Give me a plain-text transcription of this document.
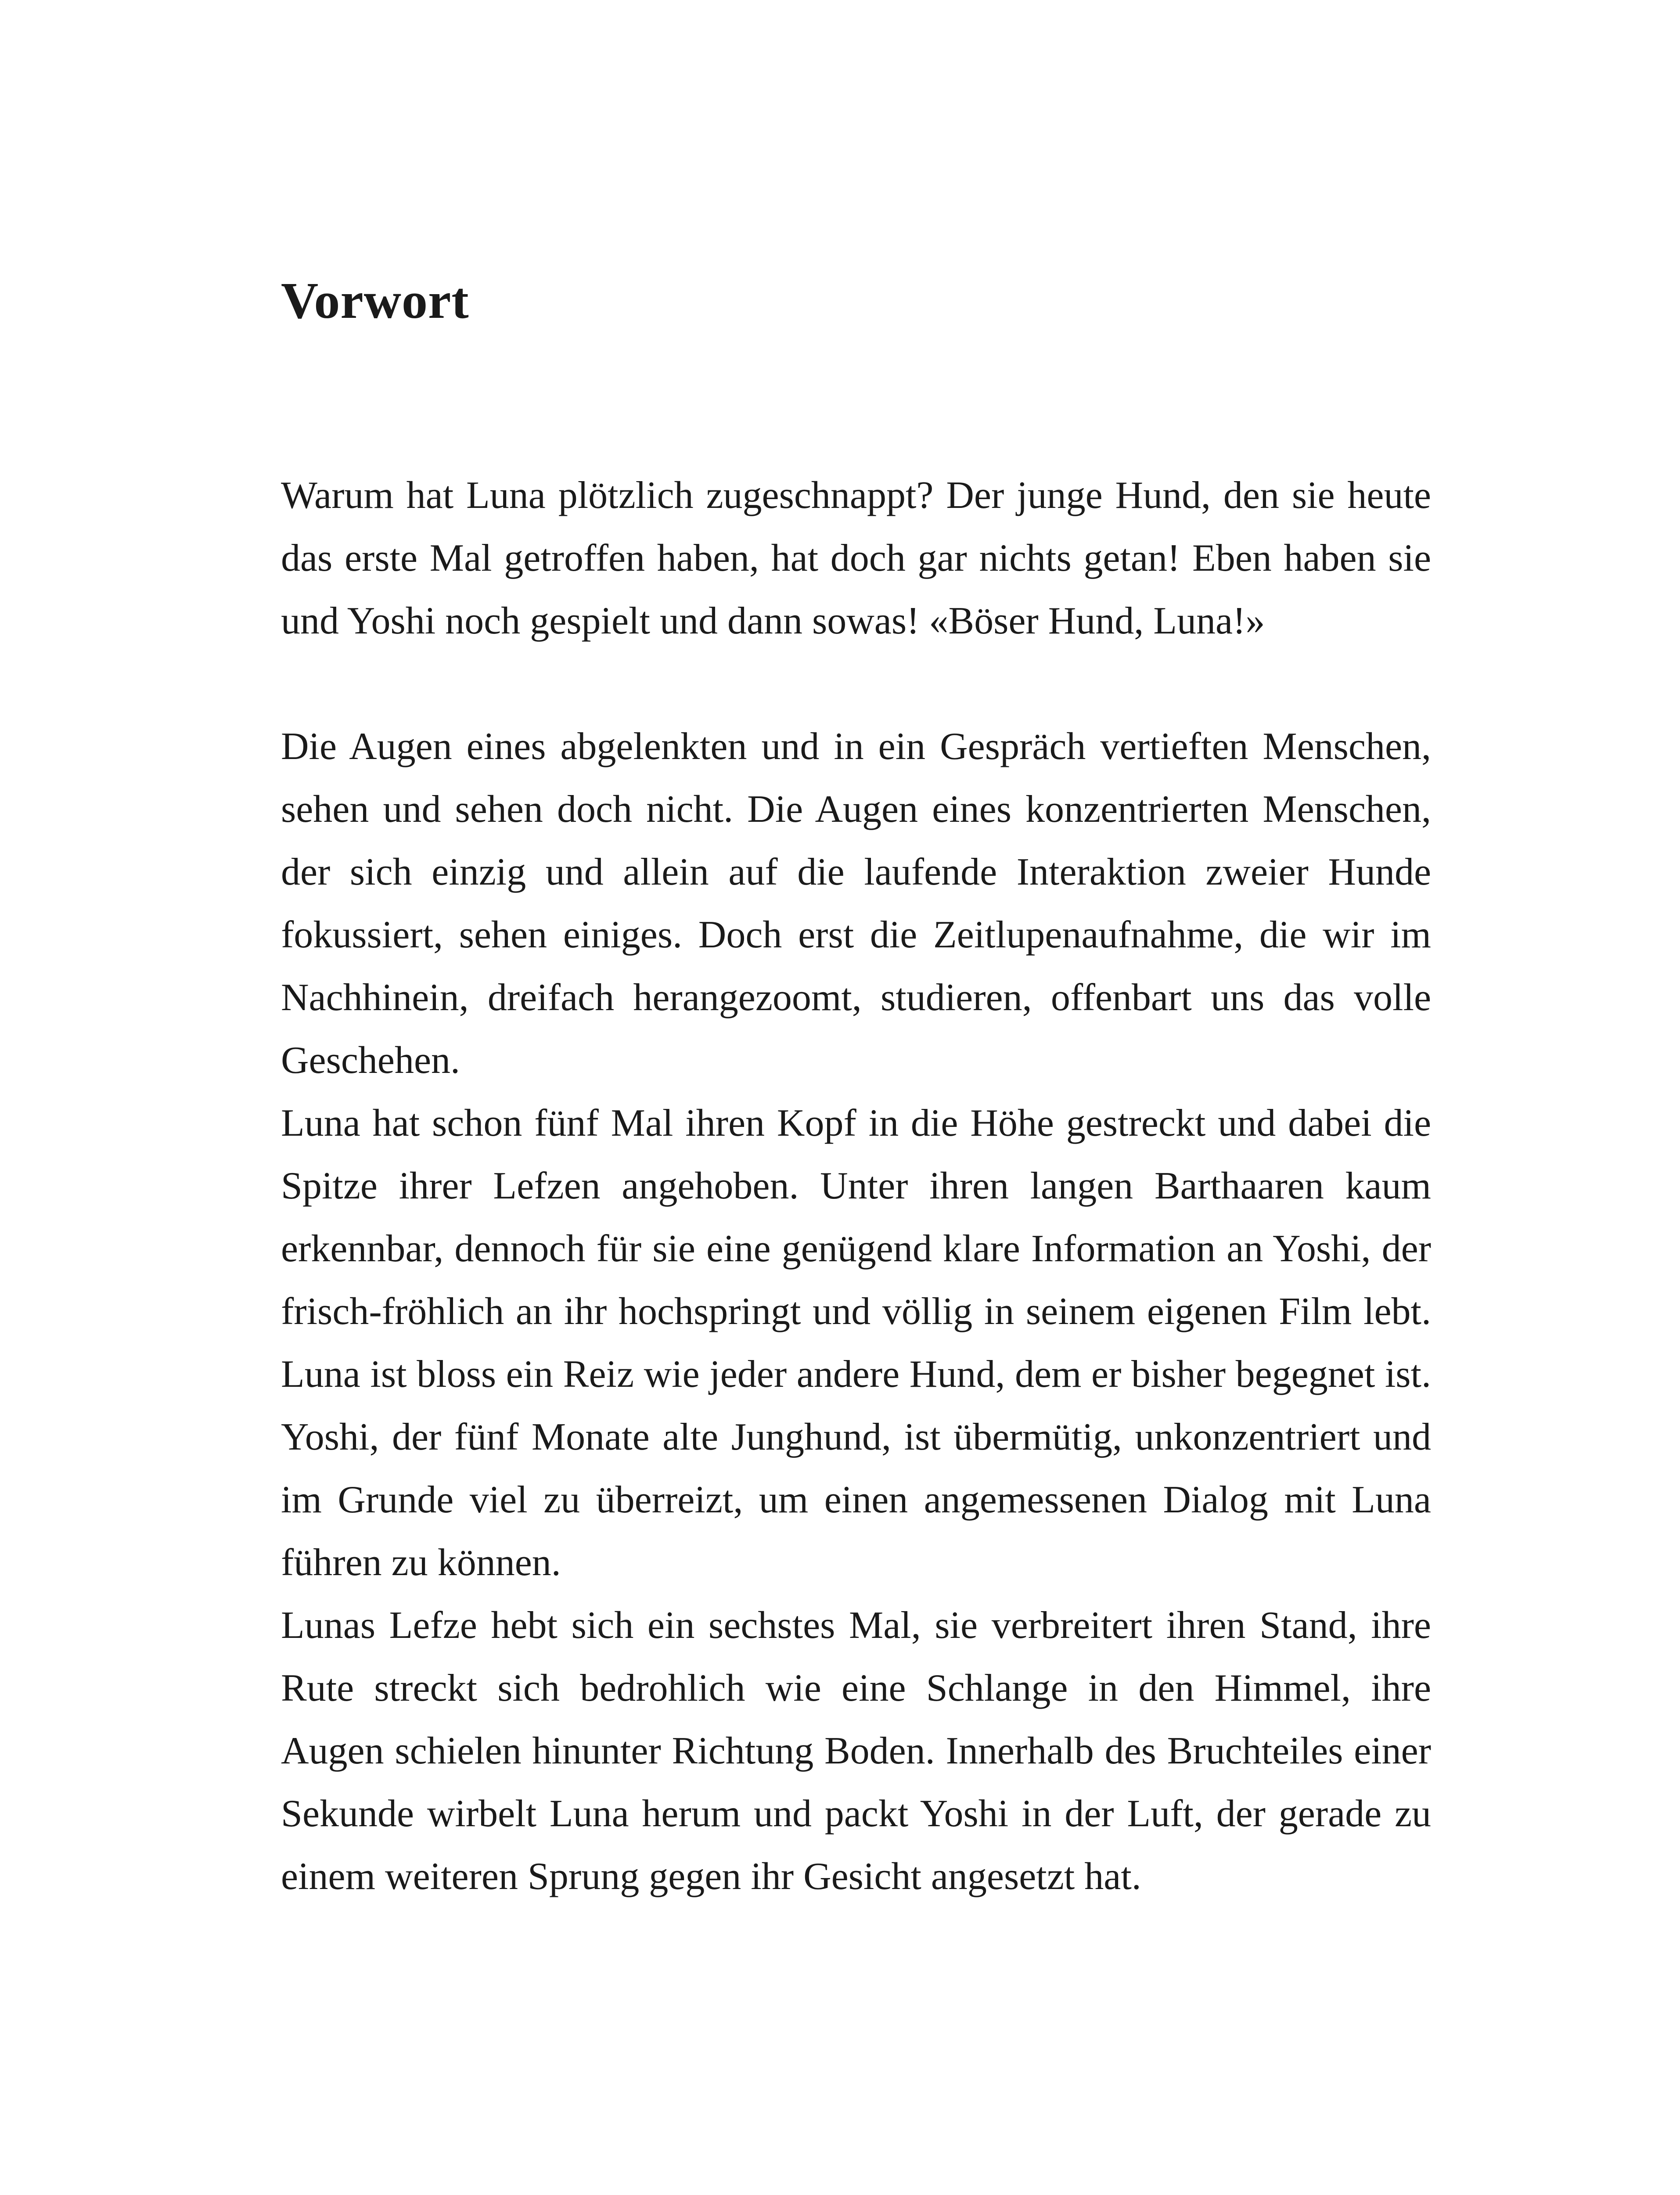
Vorwort

Warum hat Luna plötzlich zugeschnappt? Der junge Hund, den sie heute das erste Mal getroffen haben, hat doch gar nichts getan! Eben haben sie und Yoshi noch gespielt und dann sowas! «Böser Hund, Luna!»

Die Augen eines abgelenkten und in ein Gespräch vertieften Menschen, sehen und sehen doch nicht. Die Augen eines konzentrierten Menschen, der sich einzig und allein auf die laufende Interaktion zweier Hunde fokussiert, sehen einiges. Doch erst die Zeitlupenaufnahme, die wir im Nachhinein, dreifach herangezoomt, studieren, offenbart uns das volle Geschehen.

Luna hat schon fünf Mal ihren Kopf in die Höhe gestreckt und dabei die Spitze ihrer Lefzen angehoben. Unter ihren langen Barthaaren kaum erkennbar, dennoch für sie eine genügend klare Information an Yoshi, der frisch-fröhlich an ihr hochspringt und völlig in seinem eigenen Film lebt. Luna ist bloss ein Reiz wie jeder andere Hund, dem er bisher begegnet ist. Yoshi, der fünf Monate alte Junghund, ist übermütig, unkonzentriert und im Grunde viel zu überreizt, um einen angemessenen Dialog mit Luna führen zu können.

Lunas Lefze hebt sich ein sechstes Mal, sie verbreitert ihren Stand, ihre Rute streckt sich bedrohlich wie eine Schlange in den Himmel, ihre Augen schielen hinunter Richtung Boden. Innerhalb des Bruchteiles einer Sekunde wirbelt Luna herum und packt Yoshi in der Luft, der gerade zu einem weiteren Sprung gegen ihr Gesicht angesetzt hat.
